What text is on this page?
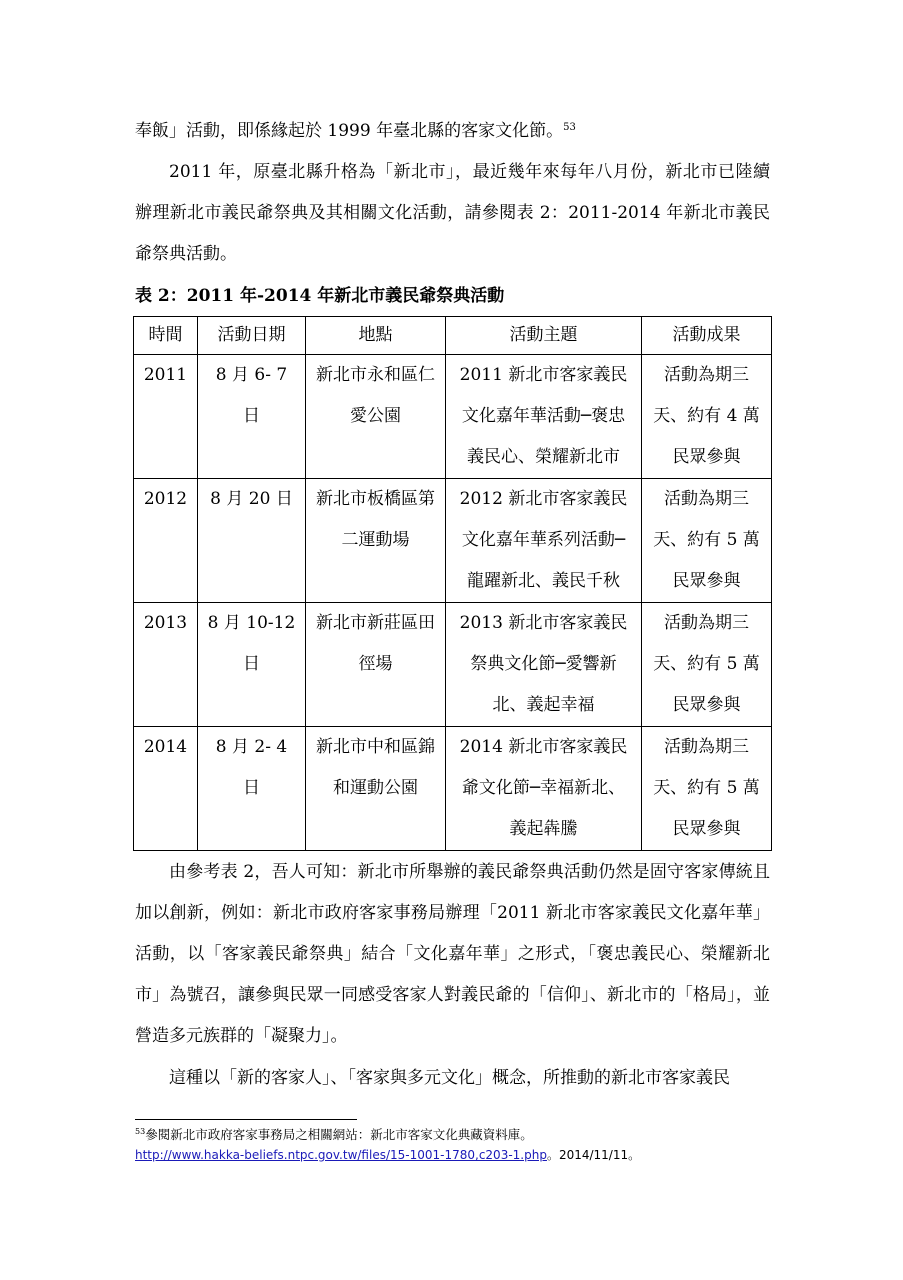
奉飯」活動，即係緣起於 1999 年臺北縣的客家文化節。$^{53}$

2011 年，原臺北縣升格為「新北市」，最近幾年來每年八月份，新北市已陸續辦理新北市義民爺祭典及其相關文化活動，請參閱表 2：2011-2014 年新北市義民爺祭典活動。

表 2：2011 年-2014 年新北市義民爺祭典活動

時間	活動日期	地點	活動主題	活動成果
2011	8 月 6- 7 日	新北市永和區仁愛公園	2011 新北市客家義民文化嘉年華活動─褒忠義民心、榮耀新北市	活動為期三天、約有 4 萬民眾參與
2012	8 月 20 日	新北市板橋區第二運動場	2012 新北市客家義民文化嘉年華系列活動─龍躍新北、義民千秋	活動為期三天、約有 5 萬民眾參與
2013	8 月 10-12 日	新北市新莊區田徑場	2013 新北市客家義民祭典文化節─愛響新北、義起幸福	活動為期三天、約有 5 萬民眾參與
2014	8 月 2- 4 日	新北市中和區錦和運動公園	2014 新北市客家義民爺文化節─幸福新北、義起犇騰	活動為期三天、約有 5 萬民眾參與

由參考表 2，吾人可知：新北市所舉辦的義民爺祭典活動仍然是固守客家傳統且加以創新，例如：新北市政府客家事務局辦理「2011 新北市客家義民文化嘉年華」活動，以「客家義民爺祭典」結合「文化嘉年華」之形式，「褒忠義民心、榮耀新北市」為號召，讓參與民眾一同感受客家人對義民爺的「信仰」、新北市的「格局」，並營造多元族群的「凝聚力」。

這種以「新的客家人」、「客家與多元文化」概念，所推動的新北市客家義民

$^{53}$參閱新北市政府客家事務局之相關網站：新北市客家文化典藏資料庫。

http://www.hakka-beliefs.ntpc.gov.tw/files/15-1001-1780,c203-1.php。2014/11/11。
